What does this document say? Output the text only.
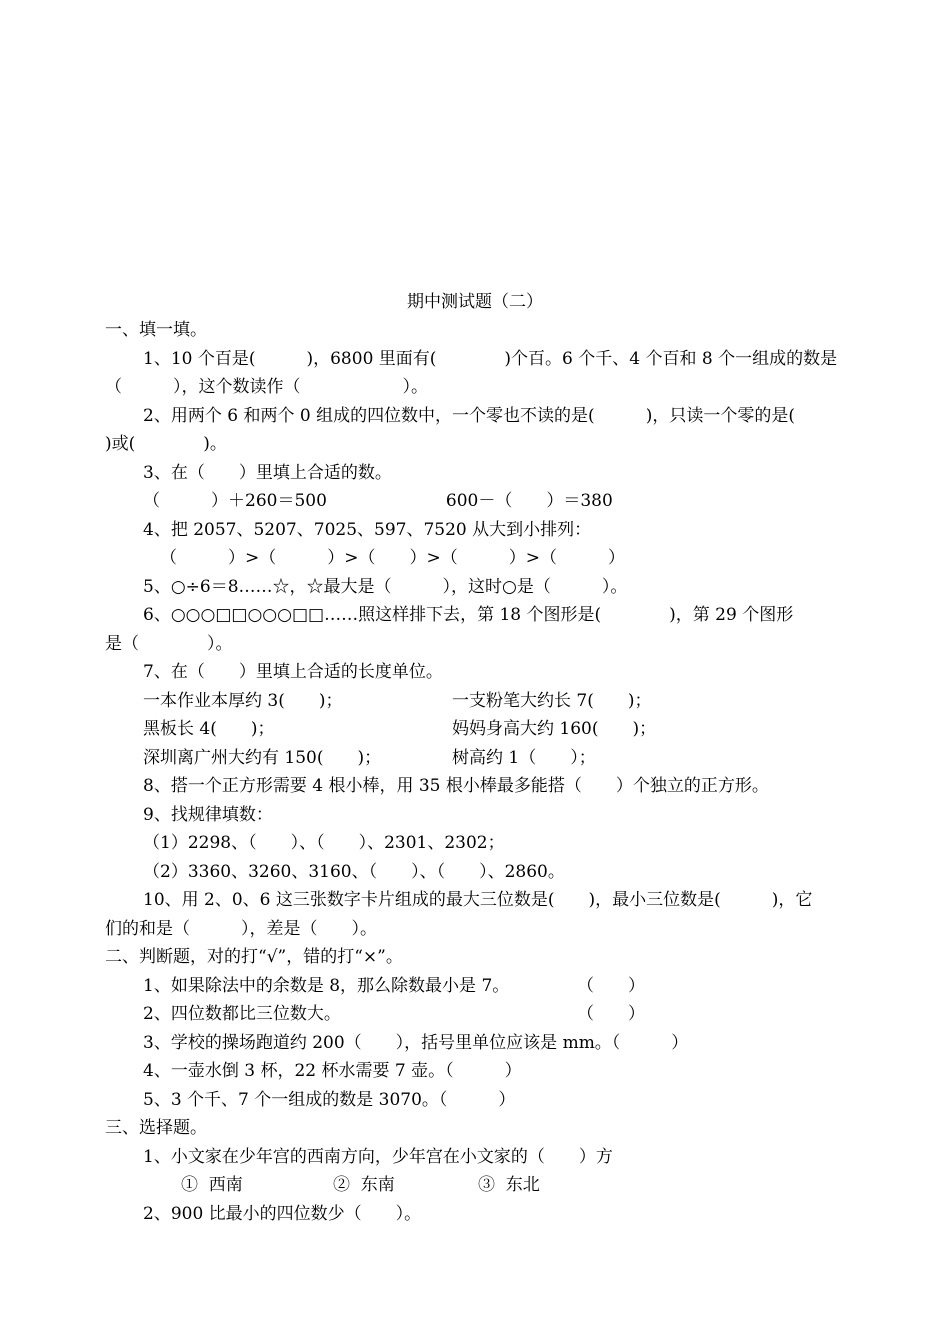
期中测试题（二）
一、填一填。
1、10 个百是(　　　)，6800 里面有(　　　　)个百。6 个千、4 个百和 8 个一组成的数是
（　　　），这个数读作（　　　　　　）。
2、用两个 6 和两个 0 组成的四位数中，一个零也不读的是(　　　)，只读一个零的是(
)或(　　　　)。
3、在（　　）里填上合适的数。
（　　　）＋260＝500　　　　　　　600－（　　）＝380
4、把 2057、5207、7025、597、7520 从大到小排列：
（　　　）>（　　　）>（　　）>（　　　）>（　　　）
5、○÷6＝8……☆，☆最大是（　　　），这时○是（　　　）。
6、○○○□□○○○□□……照这样排下去，第 18 个图形是(　　　　)，第 29 个图形
是（　　　　）。
7、在（　　）里填上合适的长度单位。
一本作业本厚约 3(　　)；	一支粉笔大约长 7(　　)；
黑板长 4(　　)；	妈妈身高大约 160(　　)；
深圳离广州大约有 150(　　)；	树高约 1（　　）；
8、搭一个正方形需要 4 根小棒，用 35 根小棒最多能搭（　　）个独立的正方形。
9、找规律填数：
（1）2298、（　　）、（　　）、2301、2302；
（2）3360、3260、3160、（　　）、（　　）、2860。
10、用 2、0、6 这三张数字卡片组成的最大三位数是(　　)，最小三位数是(　　　)，它
们的和是（　　　），差是（　　）。
二、判断题，对的打“√”，错的打“×”。
1、如果除法中的余数是 8，那么除数最小是 7。	（　　）
2、四位数都比三位数大。	（　　）
3、学校的操场跑道约 200（　　），括号里单位应该是 mm。（　　　）
4、一壶水倒 3 杯，22 杯水需要 7 壶。（　　　）
5、3 个千、7 个一组成的数是 3070。（　　　）
三、选择题。
1、小文家在少年宫的西南方向，少年宫在小文家的（　　）方
①  西南	②  东南	③  东北
2、900 比最小的四位数少（　　）。
